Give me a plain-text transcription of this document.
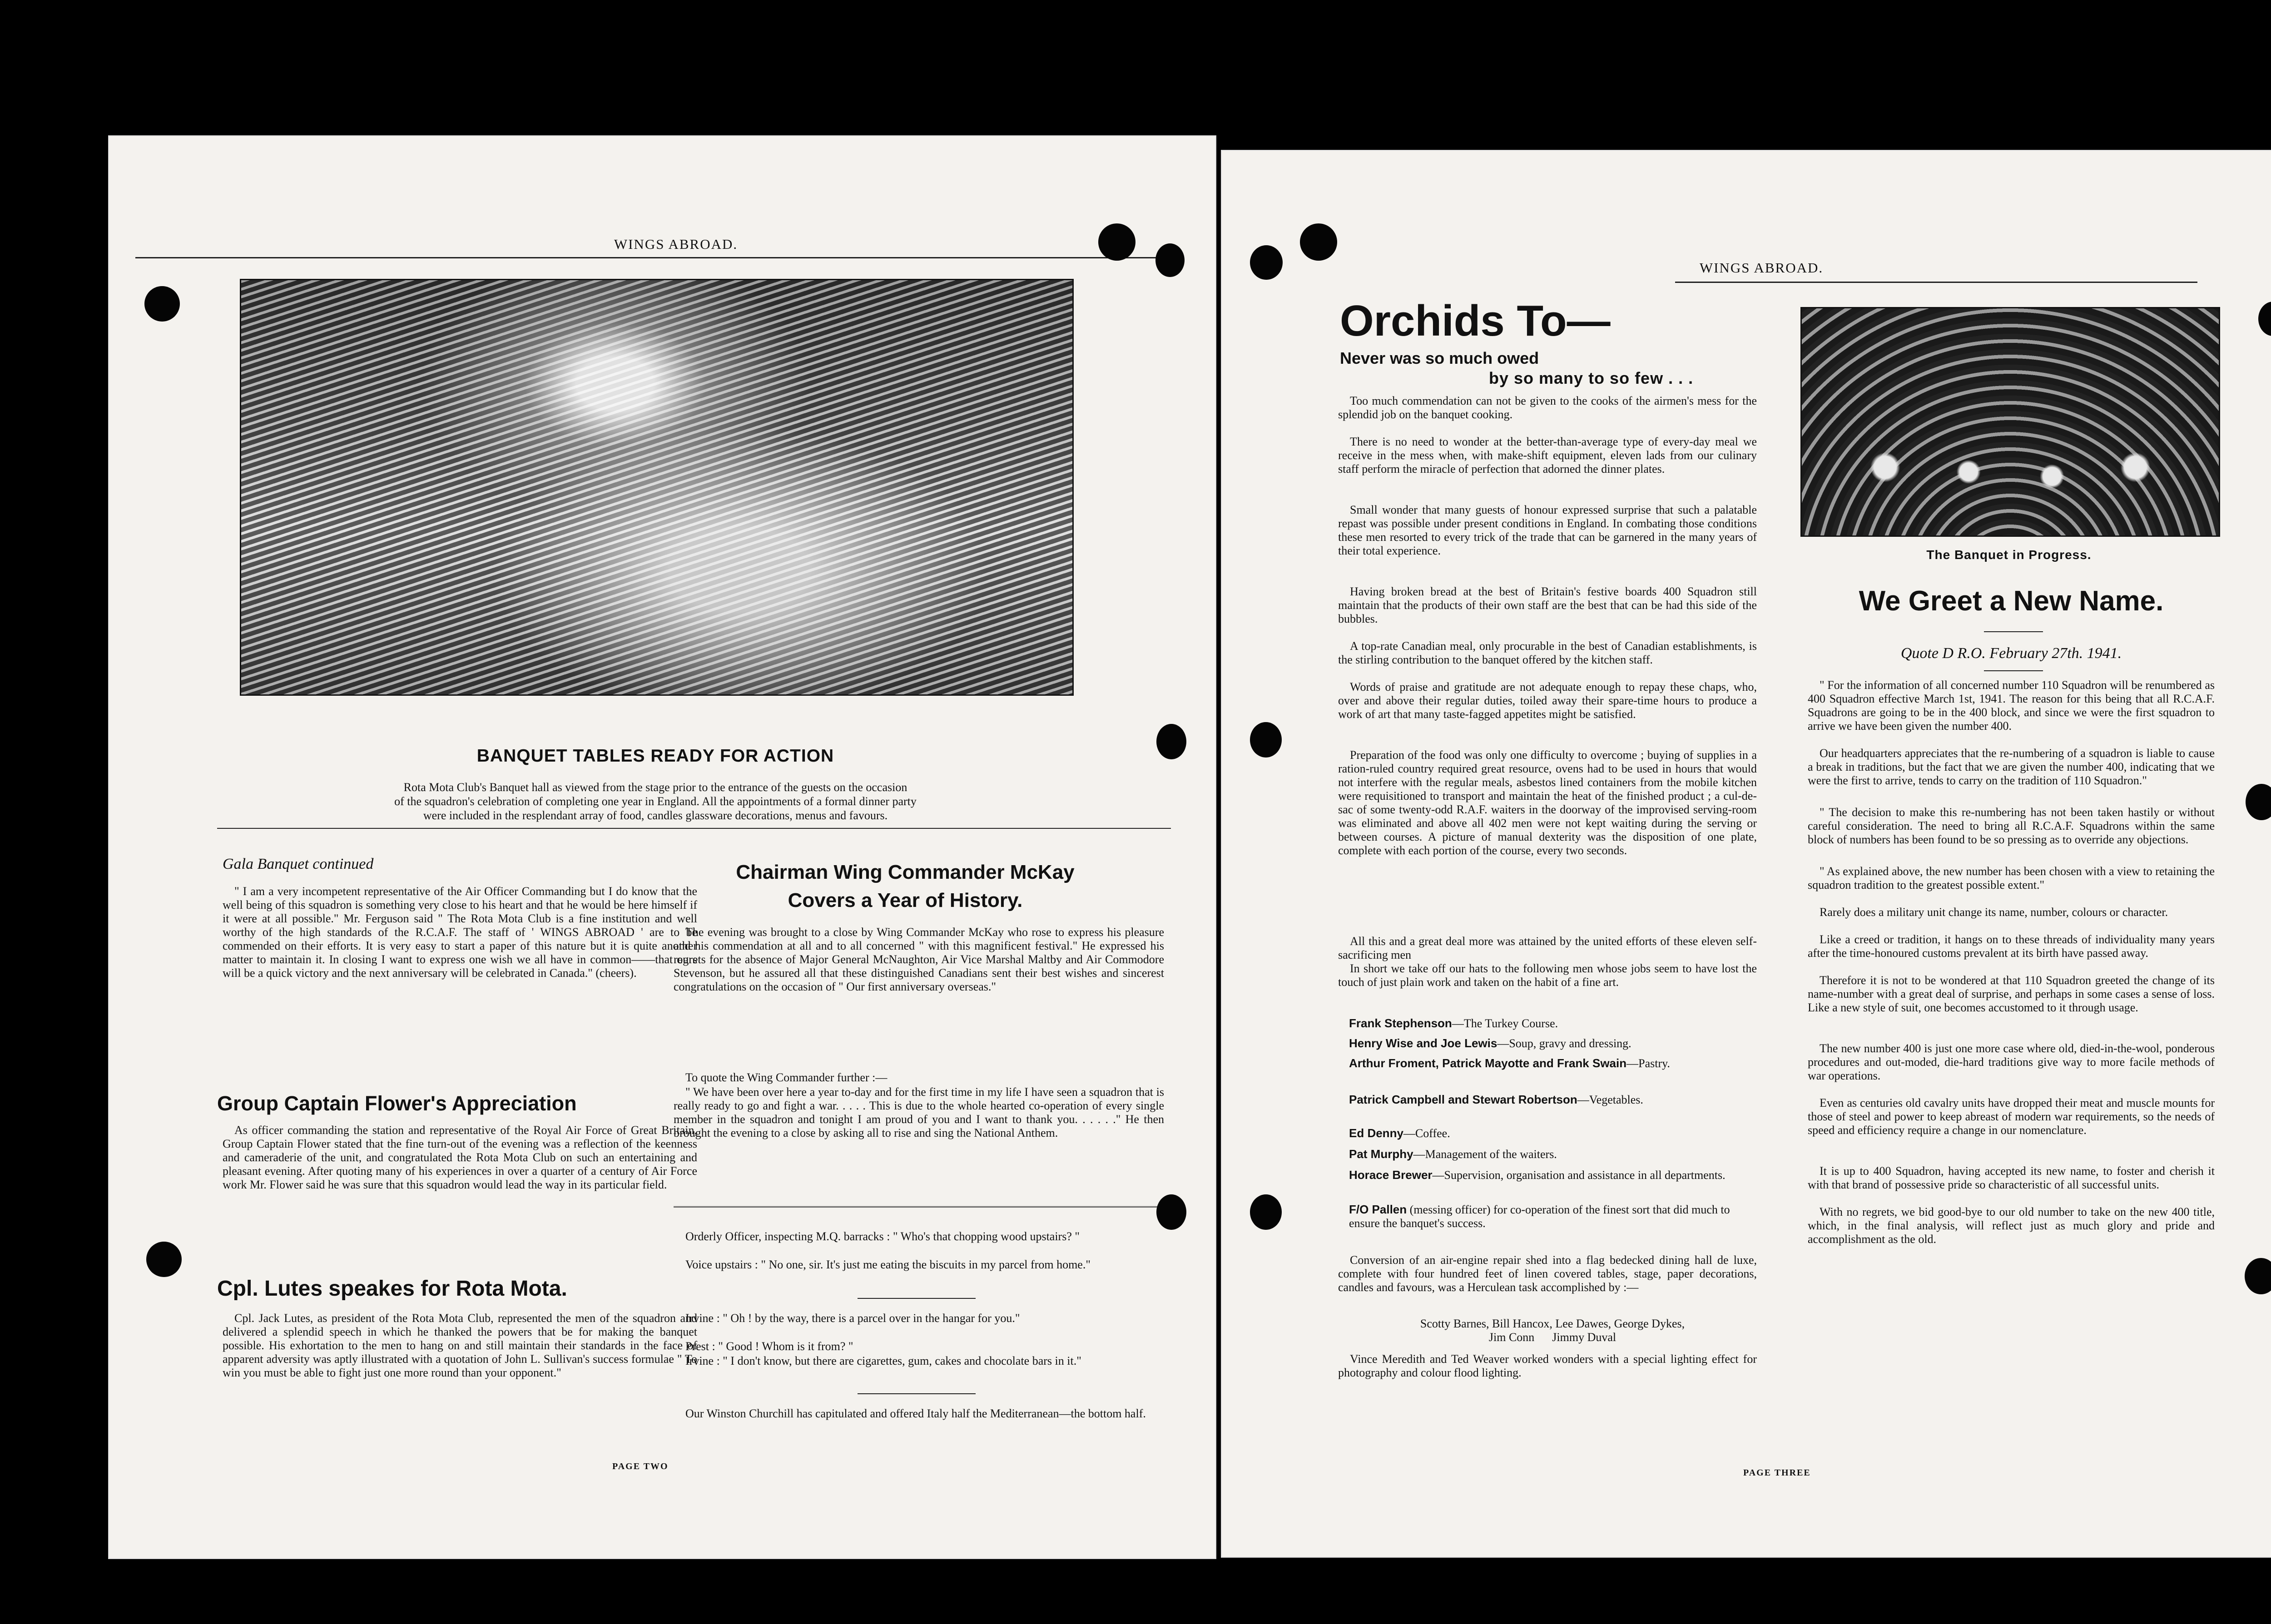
WINGS ABROAD.
BANQUET TABLES READY FOR ACTION
Rota Mota Club's Banquet hall as viewed from the stage prior to the entrance of the guests on the occasion
of the squadron's celebration of completing one year in England. All the appointments of a formal dinner party
were included in the resplendant array of food, candles glassware decorations, menus and favours.
Gala Banquet continued
" I am a very incompetent representative of the Air Officer Commanding but I do know that the well being of this squadron is something very close to his heart and that he would be here himself if it were at all possible." Mr. Ferguson said " The Rota Mota Club is a fine institution and well worthy of the high standards of the R.C.A.F. The staff of ' WINGS ABROAD ' are to be commended on their efforts. It is very easy to start a paper of this nature but it is quite another matter to maintain it. In closing I want to express one wish we all have in common——that ours will be a quick victory and the next anniversary will be celebrated in Canada." (cheers).
Group Captain Flower's Appreciation
As officer commanding the station and representative of the Royal Air Force of Great Britain, Group Captain Flower stated that the fine turn-out of the evening was a reflection of the keenness and cameraderie of the unit, and congratulated the Rota Mota Club on such an entertaining and pleasant evening. After quoting many of his experiences in over a quarter of a century of Air Force work Mr. Flower said he was sure that this squadron would lead the way in its particular field.
Cpl. Lutes speakes for Rota Mota.
Cpl. Jack Lutes, as president of the Rota Mota Club, represented the men of the squadron and delivered a splendid speech in which he thanked the powers that be for making the banquet possible. His exhortation to the men to hang on and still maintain their standards in the face of apparent adversity was aptly illustrated with a quotation of John L. Sullivan's success formulae " To win you must be able to fight just one more round than your opponent."
Chairman Wing Commander McKay
Covers a Year of History.
The evening was brought to a close by Wing Commander McKay who rose to express his pleasure and his commendation at all and to all concerned " with this magnificent festival." He expressed his regrets for the absence of Major General McNaughton, Air Vice Marshal Maltby and Air Commodore Stevenson, but he assured all that these distinguished Canadians sent their best wishes and sincerest congratulations on the occasion of " Our first anniversary overseas."
To quote the Wing Commander further :—
" We have been over here a year to-day and for the first time in my life I have seen a squadron that is really ready to go and fight a war. . . . . This is due to the whole hearted co-operation of every single member in the squadron and tonight I am proud of you and I want to thank you. . . . . ." He then brought the evening to a close by asking all to rise and sing the National Anthem.
Orderly Officer, inspecting M.Q. barracks : " Who's that chopping wood upstairs? "
Voice upstairs : " No one, sir. It's just me eating the biscuits in my parcel from home."
Irvine : " Oh ! by the way, there is a parcel over in the hangar for you."
Prest : " Good ! Whom is it from? "
Irvine : " I don't know, but there are cigarettes, gum, cakes and chocolate bars in it."
Our Winston Churchill has capitulated and offered Italy half the Mediterranean—the bottom half.
PAGE TWO
WINGS ABROAD.
Orchids To—
Never was so much owed
by so many to so few . . .
Too much commendation can not be given to the cooks of the airmen's mess for the splendid job on the banquet cooking.
There is no need to wonder at the better-than-average type of every-day meal we receive in the mess when, with make-shift equipment, eleven lads from our culinary staff perform the miracle of perfection that adorned the dinner plates.
Small wonder that many guests of honour expressed surprise that such a palatable repast was possible under present conditions in England. In combating those conditions these men resorted to every trick of the trade that can be garnered in the many years of their total experience.
Having broken bread at the best of Britain's festive boards 400 Squadron still maintain that the products of their own staff are the best that can be had this side of the bubbles.
A top-rate Canadian meal, only procurable in the best of Canadian establishments, is the stirling contribution to the banquet offered by the kitchen staff.
Words of praise and gratitude are not adequate enough to repay these chaps, who, over and above their regular duties, toiled away their spare-time hours to produce a work of art that many taste-fagged appetites might be satisfied.
Preparation of the food was only one difficulty to overcome ; buying of supplies in a ration-ruled country required great resource, ovens had to be used in hours that would not interfere with the regular meals, asbestos lined containers from the mobile kitchen were requisitioned to transport and maintain the heat of the finished product ; a cul-de-sac of some twenty-odd R.A.F. waiters in the doorway of the improvised serving-room was eliminated and above all 402 men were not kept waiting during the serving or between courses. A picture of manual dexterity was the disposition of one plate, complete with each portion of the course, every two seconds.
All this and a great deal more was attained by the united efforts of these eleven self-sacrificing men
In short we take off our hats to the following men whose jobs seem to have lost the touch of just plain work and taken on the habit of a fine art.
Frank Stephenson—The Turkey Course.
Henry Wise and Joe Lewis—Soup, gravy and dressing.
Arthur Froment, Patrick Mayotte and Frank Swain—Pastry.
Patrick Campbell and Stewart Robertson—Vegetables.
Ed Denny—Coffee.
Pat Murphy—Management of the waiters.
Horace Brewer—Supervision, organisation and assistance in all departments.
F/O Pallen (messing officer) for co-operation of the finest sort that did much to ensure the banquet's success.
Conversion of an air-engine repair shed into a flag bedecked dining hall de luxe, complete with four hundred feet of linen covered tables, stage, paper decorations, candles and favours, was a Herculean task accomplished by :—
Scotty Barnes, Bill Hancox, Lee Dawes, George Dykes,
Jim Conn      Jimmy Duval
Vince Meredith and Ted Weaver worked wonders with a special lighting effect for photography and colour flood lighting.
PAGE THREE
The Banquet in Progress.
We Greet a New Name.
Quote D R.O. February 27th. 1941.
" For the information of all concerned number 110 Squadron will be renumbered as 400 Squadron effective March 1st, 1941. The reason for this being that all R.C.A.F. Squadrons are going to be in the 400 block, and since we were the first squadron to arrive we have been given the number 400.
Our headquarters appreciates that the re-numbering of a squadron is liable to cause a break in traditions, but the fact that we are given the number 400, indicating that we were the first to arrive, tends to carry on the tradition of 110 Squadron."
" The decision to make this re-numbering has not been taken hastily or without careful consideration. The need to bring all R.C.A.F. Squadrons within the same block of numbers has been found to be so pressing as to override any objections.
" As explained above, the new number has been chosen with a view to retaining the squadron tradition to the greatest possible extent."
Rarely does a military unit change its name, number, colours or character.
Like a creed or tradition, it hangs on to these threads of individuality many years after the time-honoured customs prevalent at its birth have passed away.
Therefore it is not to be wondered at that 110 Squadron greeted the change of its name-number with a great deal of surprise, and perhaps in some cases a sense of loss. Like a new style of suit, one becomes accustomed to it through usage.
The new number 400 is just one more case where old, died-in-the-wool, ponderous procedures and out-moded, die-hard traditions give way to more facile methods of war operations.
Even as centuries old cavalry units have dropped their meat and muscle mounts for those of steel and power to keep abreast of modern war requirements, so the needs of speed and efficiency require a change in our nomenclature.
It is up to 400 Squadron, having accepted its new name, to foster and cherish it with that brand of possessive pride so characteristic of all successful units.
With no regrets, we bid good-bye to our old number to take on the new 400 title, which, in the final analysis, will reflect just as much glory and pride and accomplishment as the old.
